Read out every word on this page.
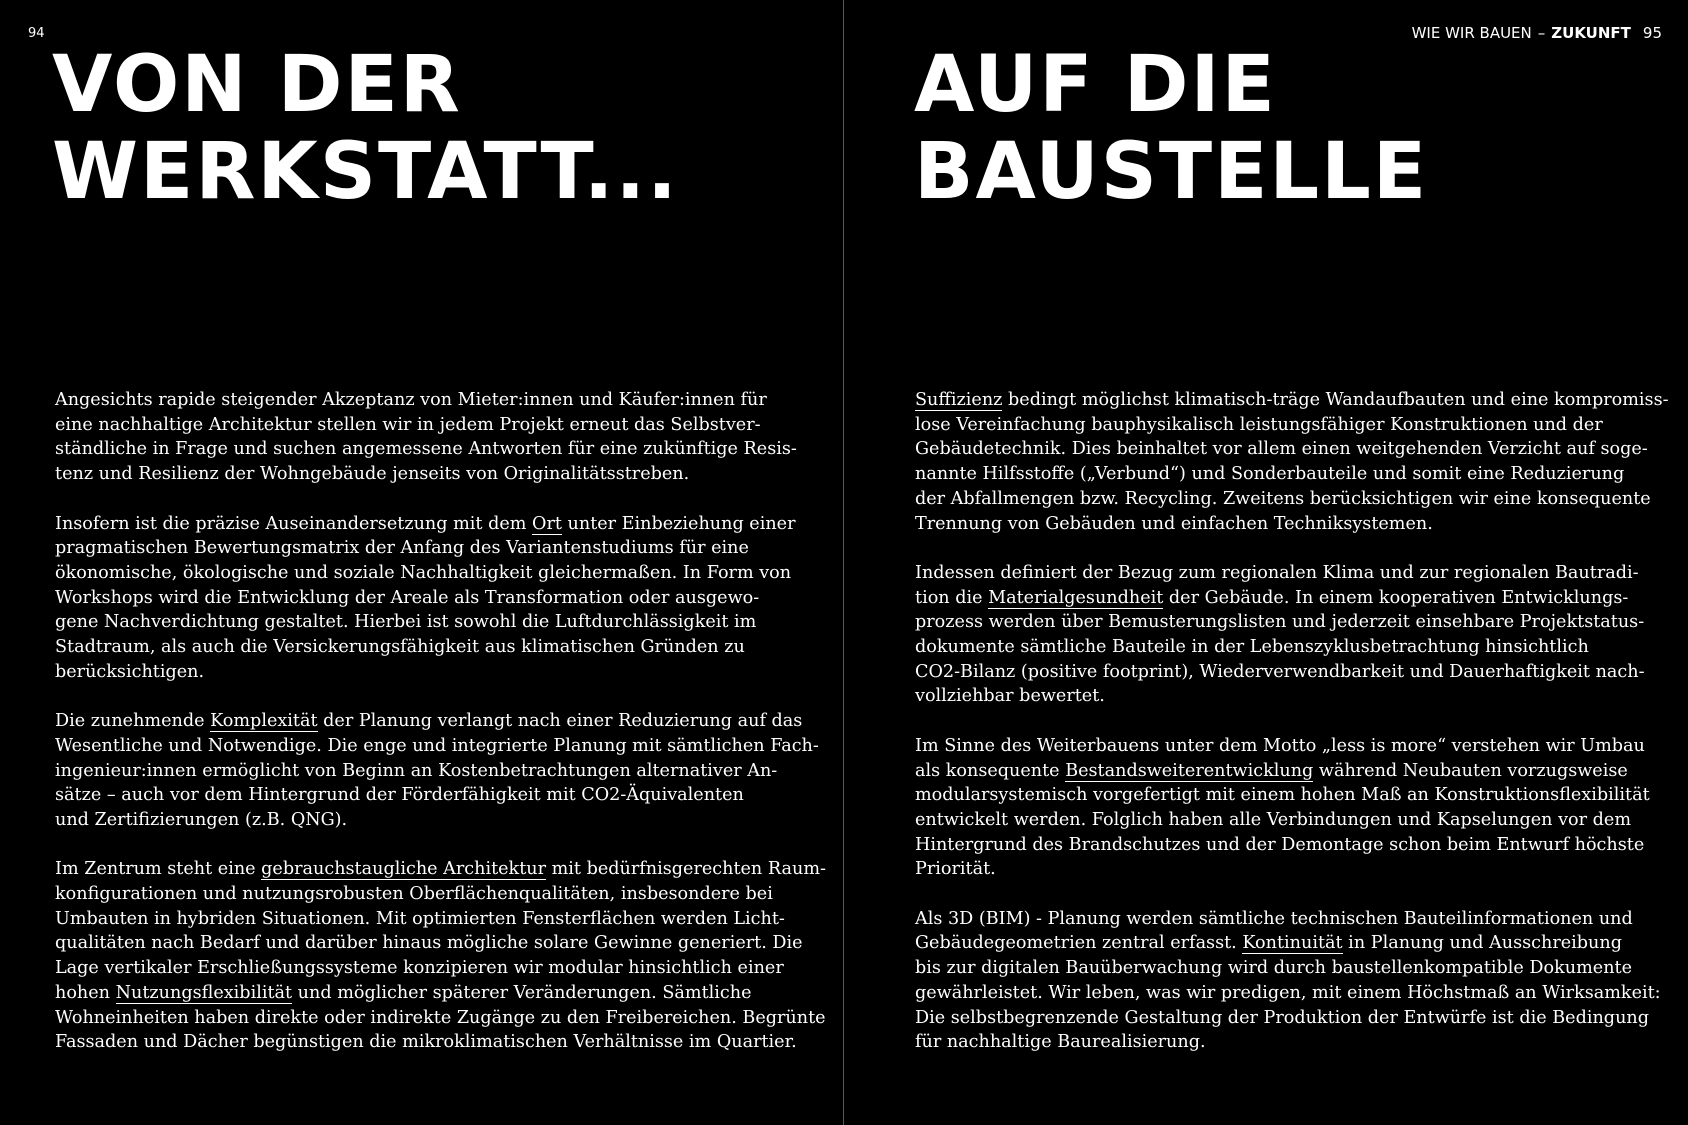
94
VON DER
WERKSTATT...

Angesichts rapide steigender Akzeptanz von Mieter:innen und Käufer:innen für
eine nachhaltige Architektur stellen wir in jedem Projekt erneut das Selbstver-
ständliche in Frage und suchen angemessene Antworten für eine zukünftige Resis-
tenz und Resilienz der Wohngebäude jenseits von Originalitätsstreben.

Insofern ist die präzise Auseinandersetzung mit dem Ort unter Einbeziehung einer
pragmatischen Bewertungsmatrix der Anfang des Variantenstudiums für eine
ökonomische, ökologische und soziale Nachhaltigkeit gleichermaßen. In Form von
Workshops wird die Entwicklung der Areale als Transformation oder ausgewo-
gene Nachverdichtung gestaltet. Hierbei ist sowohl die Luftdurchlässigkeit im
Stadtraum, als auch die Versickerungsfähigkeit aus klimatischen Gründen zu
berücksichtigen.

Die zunehmende Komplexität der Planung verlangt nach einer Reduzierung auf das
Wesentliche und Notwendige. Die enge und integrierte Planung mit sämtlichen Fach-
ingenieur:innen ermöglicht von Beginn an Kostenbetrachtungen alternativer An-
sätze – auch vor dem Hintergrund der Förderfähigkeit mit CO2-Äquivalenten
und Zertifizierungen (z.B. QNG).

Im Zentrum steht eine gebrauchstaugliche Architektur mit bedürfnisgerechten Raum-
konfigurationen und nutzungsrobusten Oberflächenqualitäten, insbesondere bei
Umbauten in hybriden Situationen. Mit optimierten Fensterflächen werden Licht-
qualitäten nach Bedarf und darüber hinaus mögliche solare Gewinne generiert. Die
Lage vertikaler Erschließungssysteme konzipieren wir modular hinsichtlich einer
hohen Nutzungsflexibilität und möglicher späterer Veränderungen. Sämtliche
Wohneinheiten haben direkte oder indirekte Zugänge zu den Freibereichen. Begrünte
Fassaden und Dächer begünstigen die mikroklimatischen Verhältnisse im Quartier.

WIE WIR BAUEN – ZUKUNFT 95
AUF DIE
BAUSTELLE

Suffizienz bedingt möglichst klimatisch-träge Wandaufbauten und eine kompromiss-
lose Vereinfachung bauphysikalisch leistungsfähiger Konstruktionen und der
Gebäudetechnik. Dies beinhaltet vor allem einen weitgehenden Verzicht auf soge-
nannte Hilfsstoffe („Verbund“) und Sonderbauteile und somit eine Reduzierung
der Abfallmengen bzw. Recycling. Zweitens berücksichtigen wir eine konsequente
Trennung von Gebäuden und einfachen Techniksystemen.

Indessen definiert der Bezug zum regionalen Klima und zur regionalen Bautradi-
tion die Materialgesundheit der Gebäude. In einem kooperativen Entwicklungs-
prozess werden über Bemusterungslisten und jederzeit einsehbare Projektstatus-
dokumente sämtliche Bauteile in der Lebenszyklusbetrachtung hinsichtlich
CO2-Bilanz (positive footprint), Wiederverwendbarkeit und Dauerhaftigkeit nach-
vollziehbar bewertet.

Im Sinne des Weiterbauens unter dem Motto „less is more“ verstehen wir Umbau
als konsequente Bestandsweiterentwicklung während Neubauten vorzugsweise
modularsystemisch vorgefertigt mit einem hohen Maß an Konstruktionsflexibilität
entwickelt werden. Folglich haben alle Verbindungen und Kapselungen vor dem
Hintergrund des Brandschutzes und der Demontage schon beim Entwurf höchste
Priorität.

Als 3D (BIM) - Planung werden sämtliche technischen Bauteilinformationen und
Gebäudegeometrien zentral erfasst. Kontinuität in Planung und Ausschreibung
bis zur digitalen Bauüberwachung wird durch baustellenkompatible Dokumente
gewährleistet. Wir leben, was wir predigen, mit einem Höchstmaß an Wirksamkeit:
Die selbstbegrenzende Gestaltung der Produktion der Entwürfe ist die Bedingung
für nachhaltige Baurealisierung.
